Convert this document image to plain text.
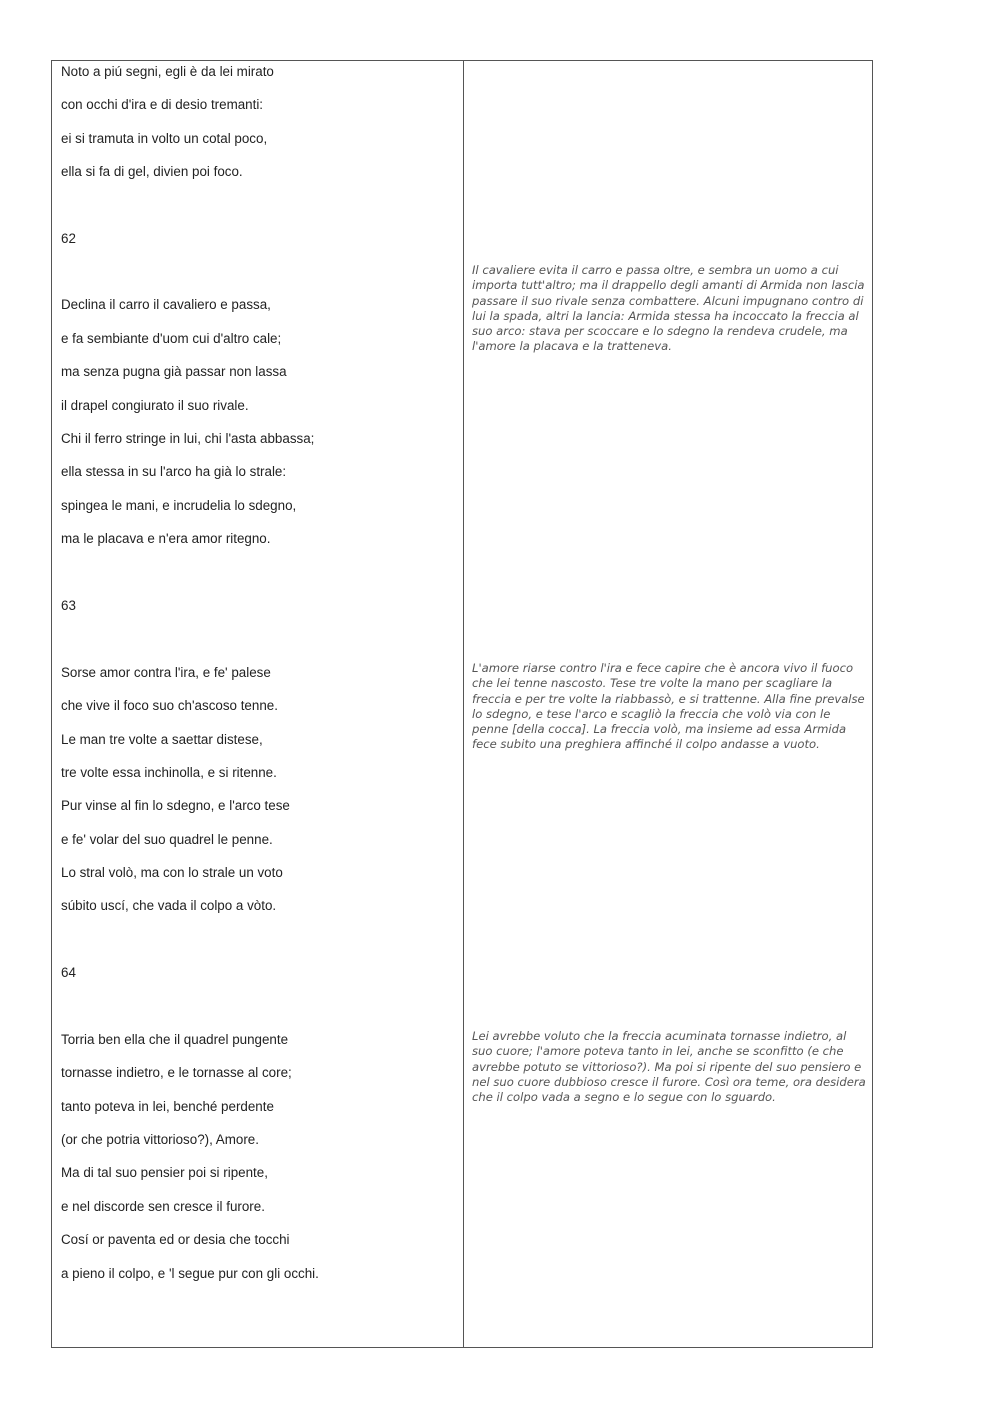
Noto a piú segni, egli è da lei mirato
con occhi d'ira e di desio tremanti:
ei si tramuta in volto un cotal poco,
ella si fa di gel, divien poi foco.
62
Declina il carro il cavaliero e passa,
e fa sembiante d'uom cui d'altro cale;
ma senza pugna già passar non lassa
il drapel congiurato il suo rivale.
Chi il ferro stringe in lui, chi l'asta abbassa;
ella stessa in su l'arco ha già lo strale:
spingea le mani, e incrudelia lo sdegno,
ma le placava e n'era amor ritegno.
63
Sorse amor contra l'ira, e fe' palese
che vive il foco suo ch'ascoso tenne.
Le man tre volte a saettar distese,
tre volte essa inchinolla, e si ritenne.
Pur vinse al fin lo sdegno, e l'arco tese
e fe' volar del suo quadrel le penne.
Lo stral volò, ma con lo strale un voto
súbito uscí, che vada il colpo a vòto.
64
Torria ben ella che il quadrel pungente
tornasse indietro, e le tornasse al core;
tanto poteva in lei, benché perdente
(or che potria vittorioso?), Amore.
Ma di tal suo pensier poi si ripente,
e nel discorde sen cresce il furore.
Cosí or paventa ed or desia che tocchi
a pieno il colpo, e 'l segue pur con gli occhi.
Il cavaliere evita il carro e passa oltre, e sembra un uomo a cui importa tutt'altro; ma il drappello degli amanti di Armida non lascia passare il suo rivale senza combattere. Alcuni impugnano contro di lui la spada, altri la lancia: Armida stessa ha incoccato la freccia al suo arco: stava per scoccare e lo sdegno la rendeva crudele, ma l'amore la placava e la tratteneva.
L'amore riarse contro l'ira e fece capire che è ancora vivo il fuoco che lei tenne nascosto. Tese tre volte la mano per scagliare la freccia e per tre volte la riabbassò, e si trattenne. Alla fine prevalse lo sdegno, e tese l'arco e scagliò la freccia che volò via con le penne [della cocca]. La freccia volò, ma insieme ad essa Armida fece subito una preghiera affinché il colpo andasse a vuoto.
Lei avrebbe voluto che la freccia acuminata tornasse indietro, al suo cuore; l'amore poteva tanto in lei, anche se sconfitto (e che avrebbe potuto se vittorioso?). Ma poi si ripente del suo pensiero e nel suo cuore dubbioso cresce il furore. Così ora teme, ora desidera che il colpo vada a segno e lo segue con lo sguardo.
